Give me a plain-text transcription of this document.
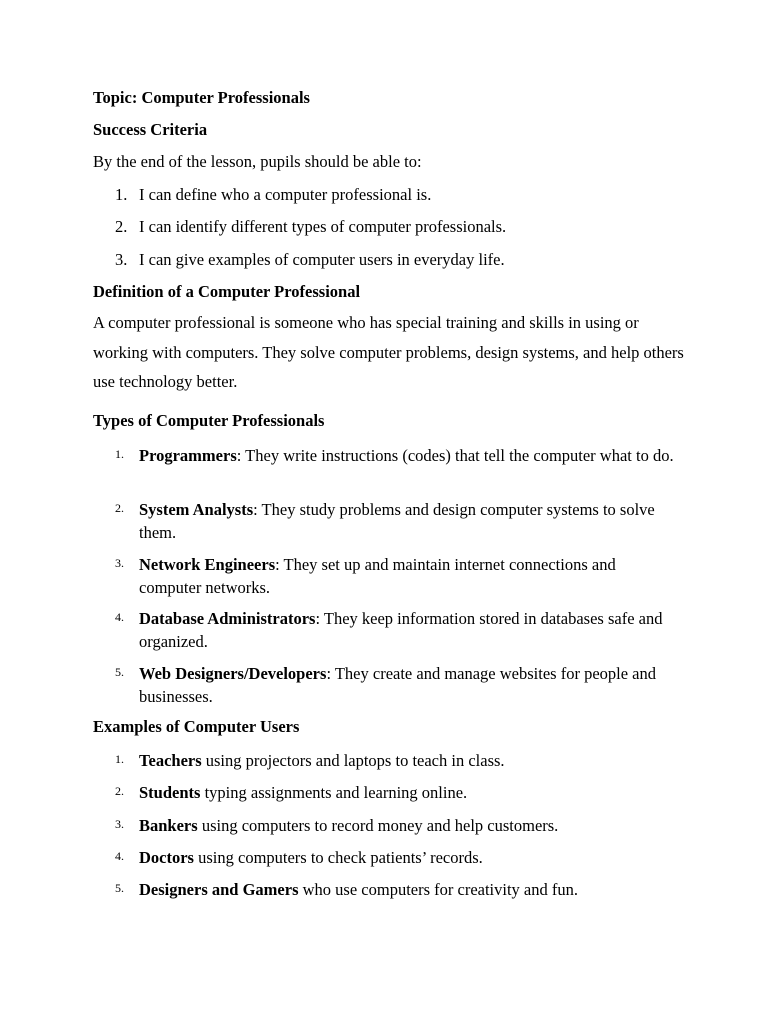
Topic: Computer Professionals
Success Criteria
By the end of the lesson, pupils should be able to:
1. I can define who a computer professional is.
2. I can identify different types of computer professionals.
3. I can give examples of computer users in everyday life.
Definition of a Computer Professional
A computer professional is someone who has special training and skills in using or working with computers. They solve computer problems, design systems, and help others use technology better.
Types of Computer Professionals
1. Programmers: They write instructions (codes) that tell the computer what to do.
2. System Analysts: They study problems and design computer systems to solve them.
3. Network Engineers: They set up and maintain internet connections and computer networks.
4. Database Administrators: They keep information stored in databases safe and organized.
5. Web Designers/Developers: They create and manage websites for people and businesses.
Examples of Computer Users
1. Teachers using projectors and laptops to teach in class.
2. Students typing assignments and learning online.
3. Bankers using computers to record money and help customers.
4. Doctors using computers to check patients’ records.
5. Designers and Gamers who use computers for creativity and fun.
